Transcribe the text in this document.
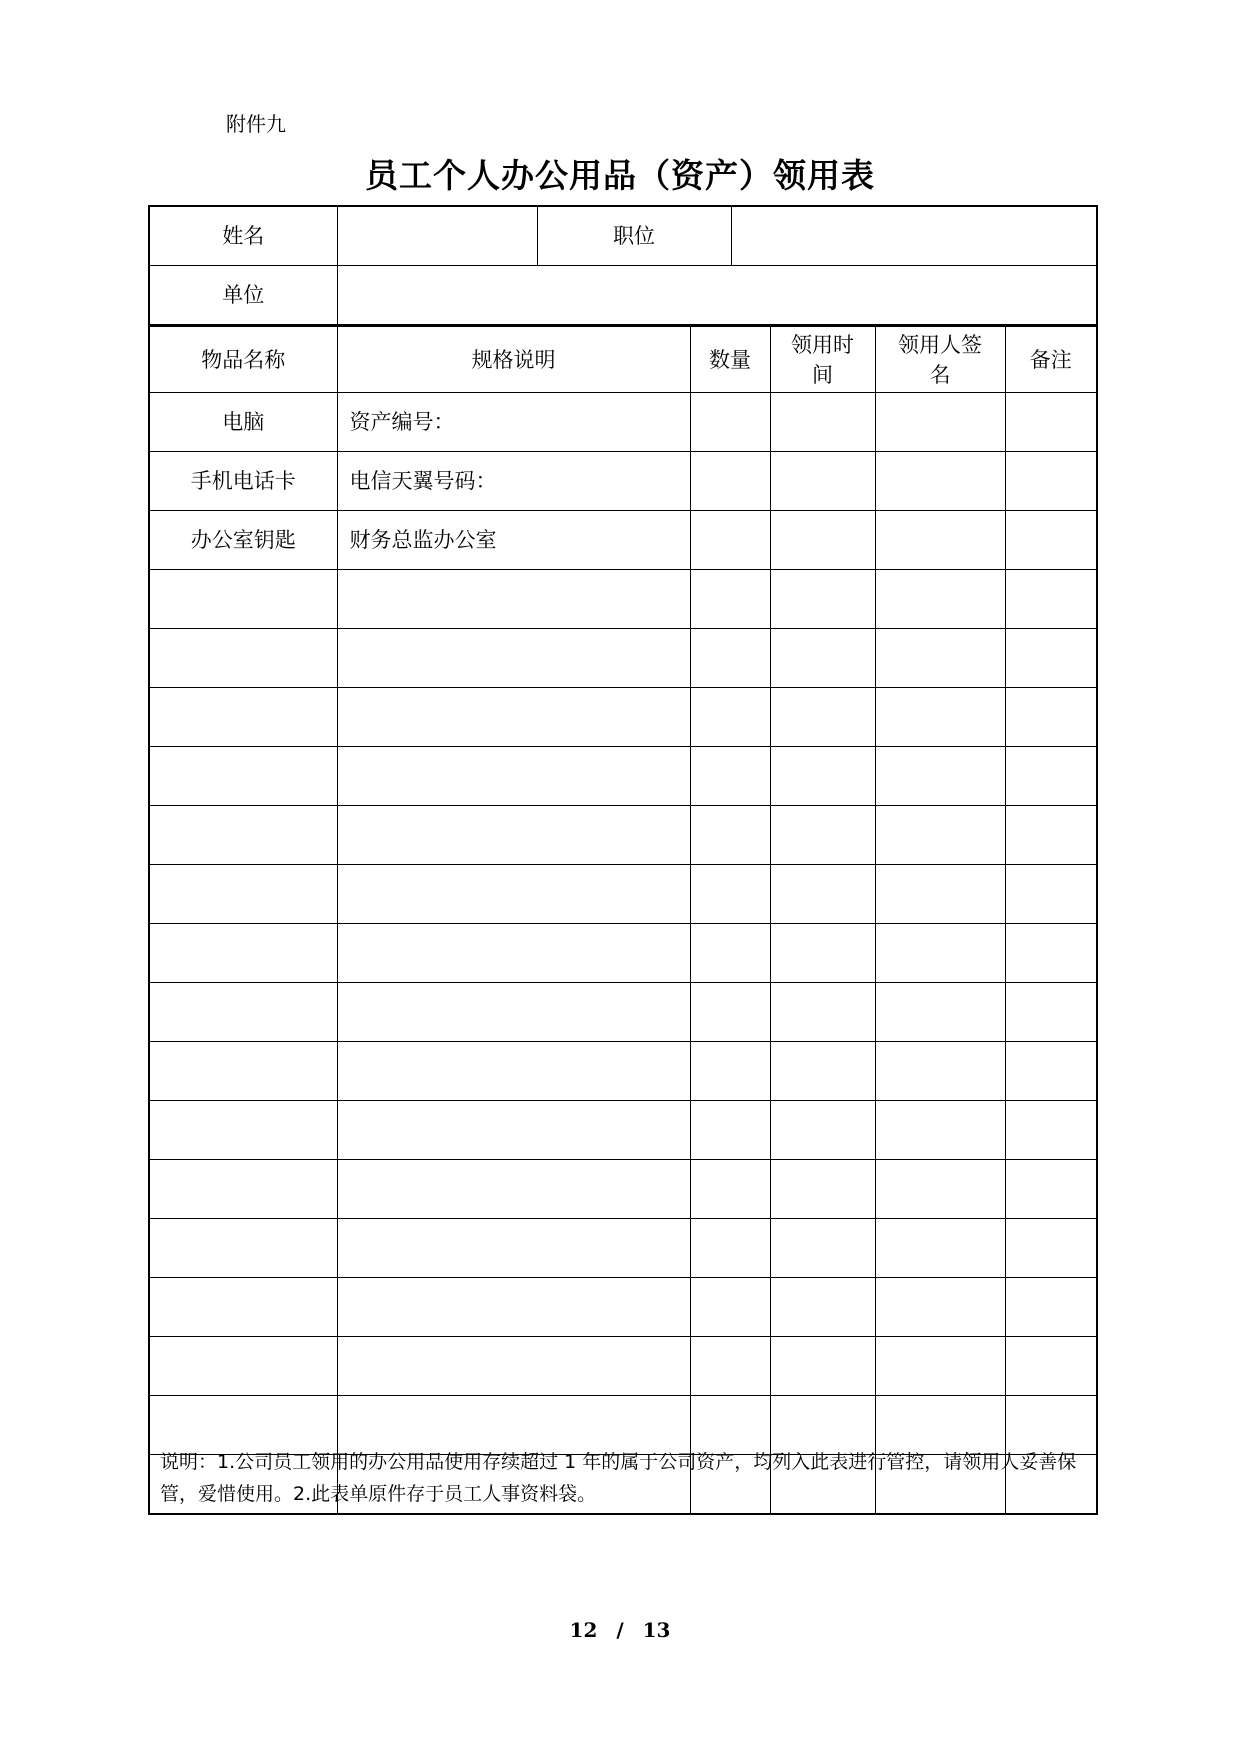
附件九
员工个人办公用品（资产）领用表
姓名		职位	
单位			
物品名称	规格说明	数量	领用时间	领用人签名	备注
电脑	资产编号：				
手机电话卡	电信天翼号码：				
办公室钥匙	财务总监办公室				

说明：1.公司员工领用的办公用品使用存续超过 1 年的属于公司资产，均列入此表进行管控，请领用人妥善保管，爱惜使用。2.此表单原件存于员工人事资料袋。
12 / 13
